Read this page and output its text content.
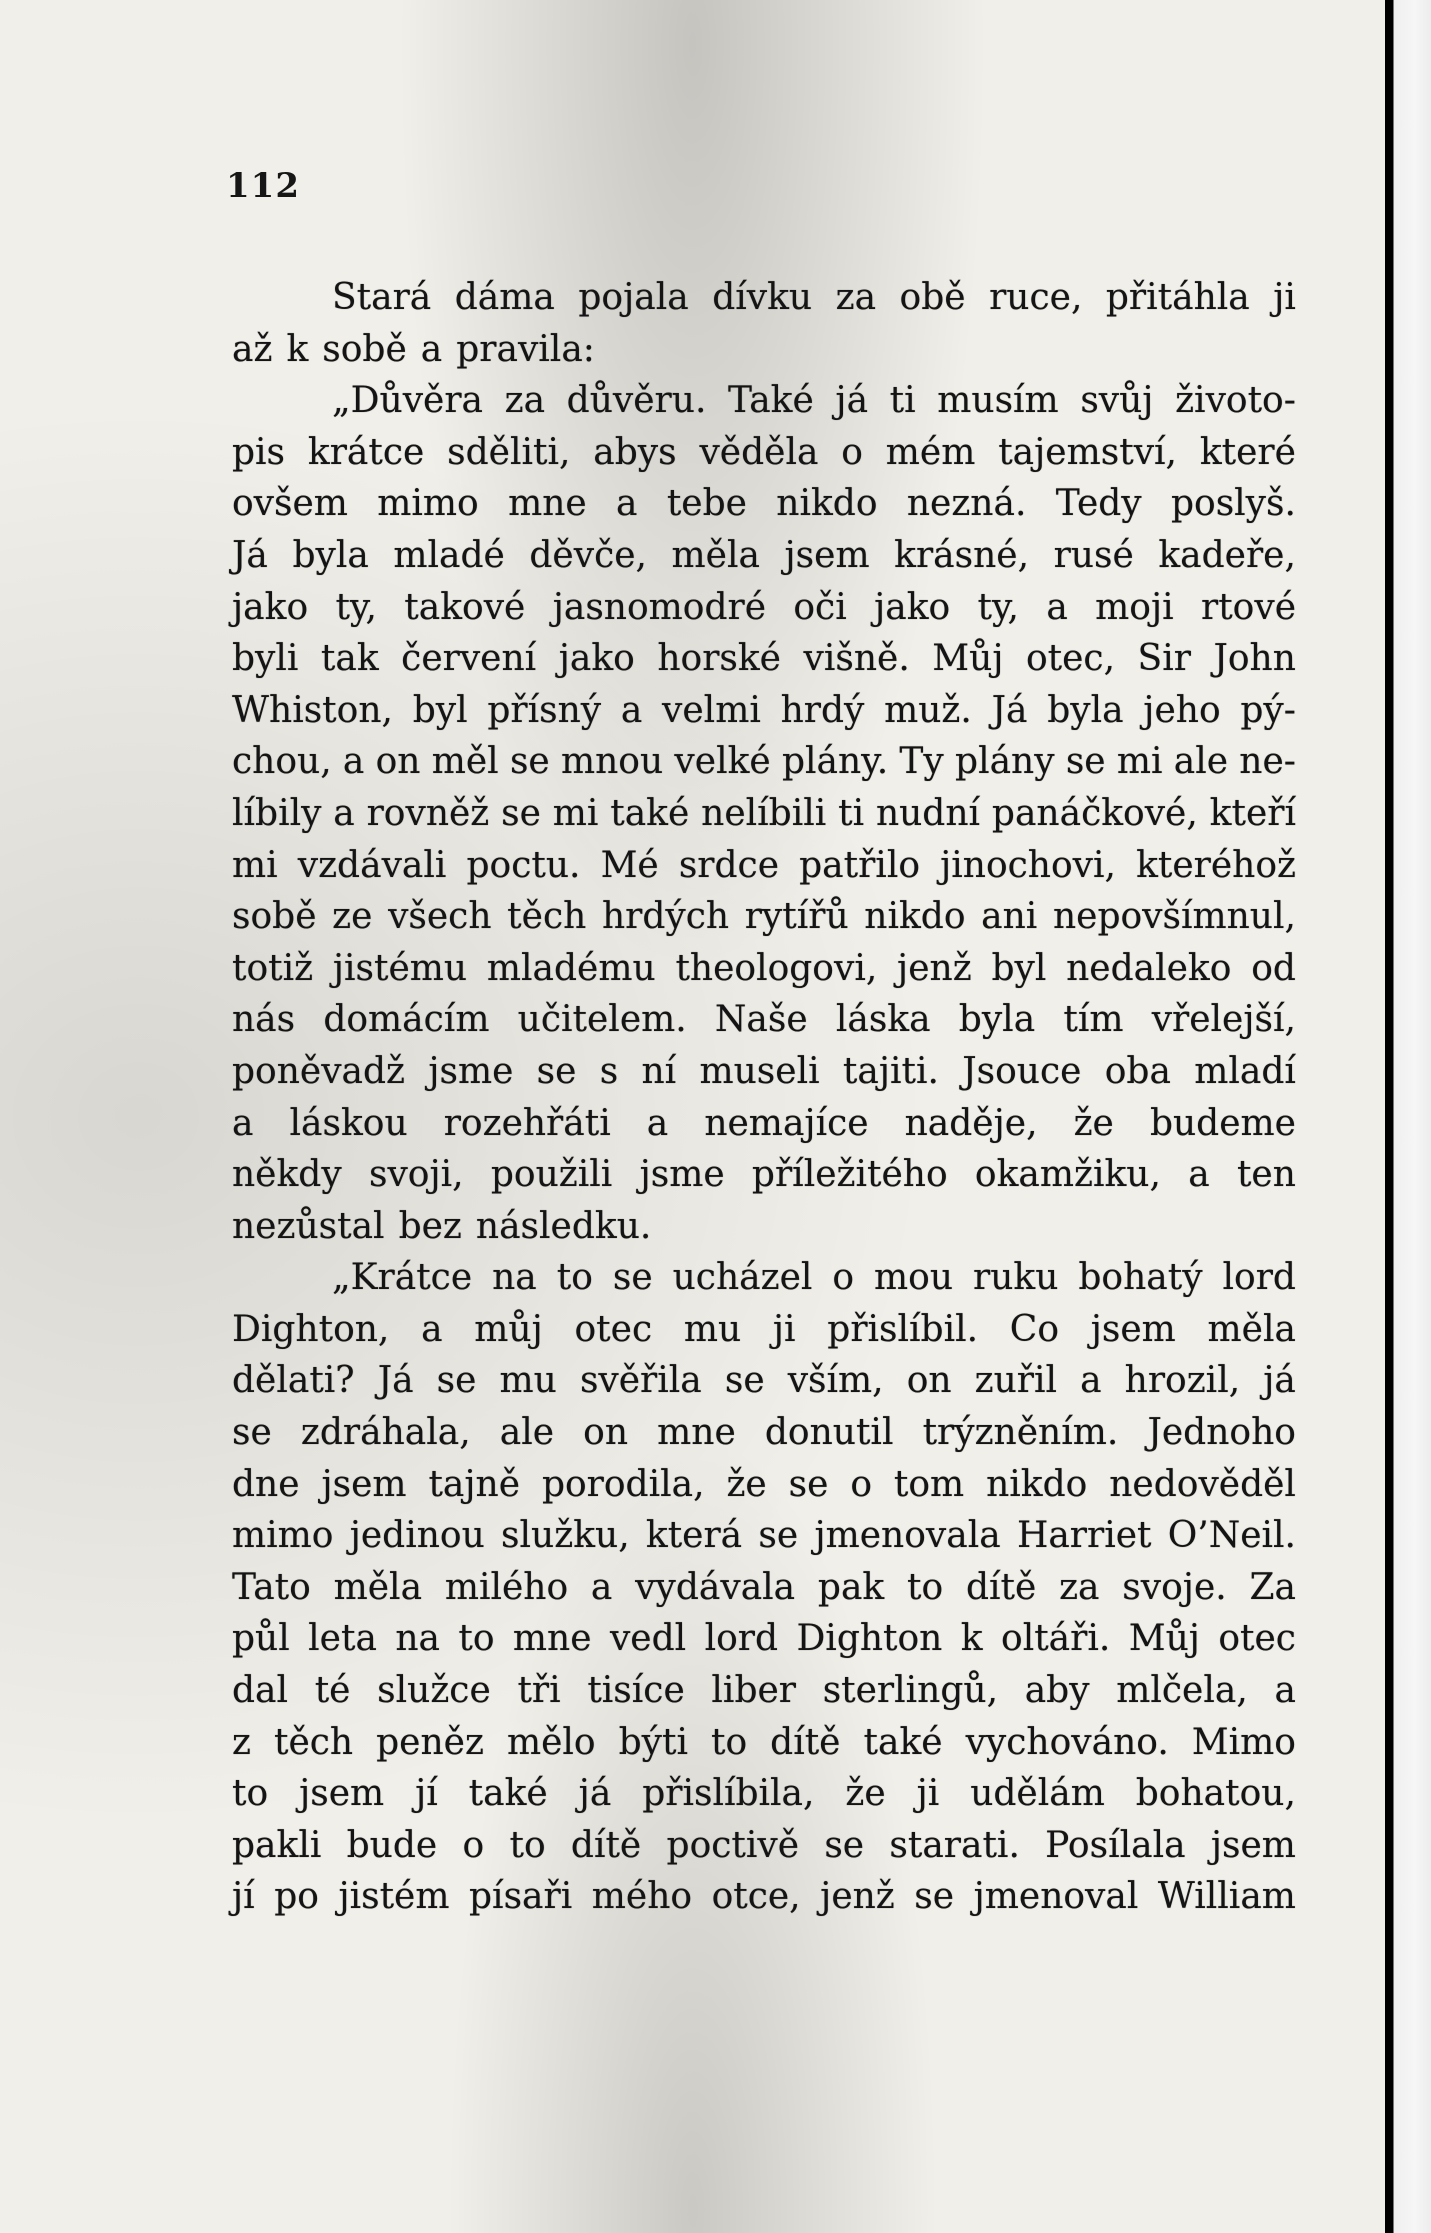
112

Stará dáma pojala dívku za obě ruce, přitáhla ji
až k sobě a pravila:
„Důvěra za důvěru. Také já ti musím svůj životo-
pis krátce sděliti, abys věděla o mém tajemství, které
ovšem mimo mne a tebe nikdo nezná. Tedy poslyš.
Já byla mladé děvče, měla jsem krásné, rusé kadeře,
jako ty, takové jasnomodré oči jako ty, a moji rtové
byli tak červení jako horské višně. Můj otec, Sir John
Whiston, byl přísný a velmi hrdý muž. Já byla jeho pý-
chou, a on měl se mnou velké plány. Ty plány se mi ale ne-
líbily a rovněž se mi také nelíbili ti nudní panáčkové, kteří
mi vzdávali poctu. Mé srdce patřilo jinochovi, kteréhož
sobě ze všech těch hrdých rytířů nikdo ani nepovšímnul,
totiž jistému mladému theologovi, jenž byl nedaleko od
nás domácím učitelem. Naše láska byla tím vřelejší,
poněvadž jsme se s ní museli tajiti. Jsouce oba mladí
a láskou rozehřáti a nemajíce naděje, že budeme
někdy svoji, použili jsme příležitého okamžiku, a ten
nezůstal bez následku.
„Krátce na to se ucházel o mou ruku bohatý lord
Dighton, a můj otec mu ji přislíbil. Co jsem měla
dělati? Já se mu svěřila se vším, on zuřil a hrozil, já
se zdráhala, ale on mne donutil trýzněním. Jednoho
dne jsem tajně porodila, že se o tom nikdo nedověděl
mimo jedinou služku, která se jmenovala Harriet O’Neil.
Tato měla milého a vydávala pak to dítě za svoje. Za
půl leta na to mne vedl lord Dighton k oltáři. Můj otec
dal té služce tři tisíce liber sterlingů, aby mlčela, a
z těch peněz mělo býti to dítě také vychováno. Mimo
to jsem jí také já přislíbila, že ji udělám bohatou,
pakli bude o to dítě poctivě se starati. Posílala jsem
jí po jistém písaři mého otce, jenž se jmenoval William
